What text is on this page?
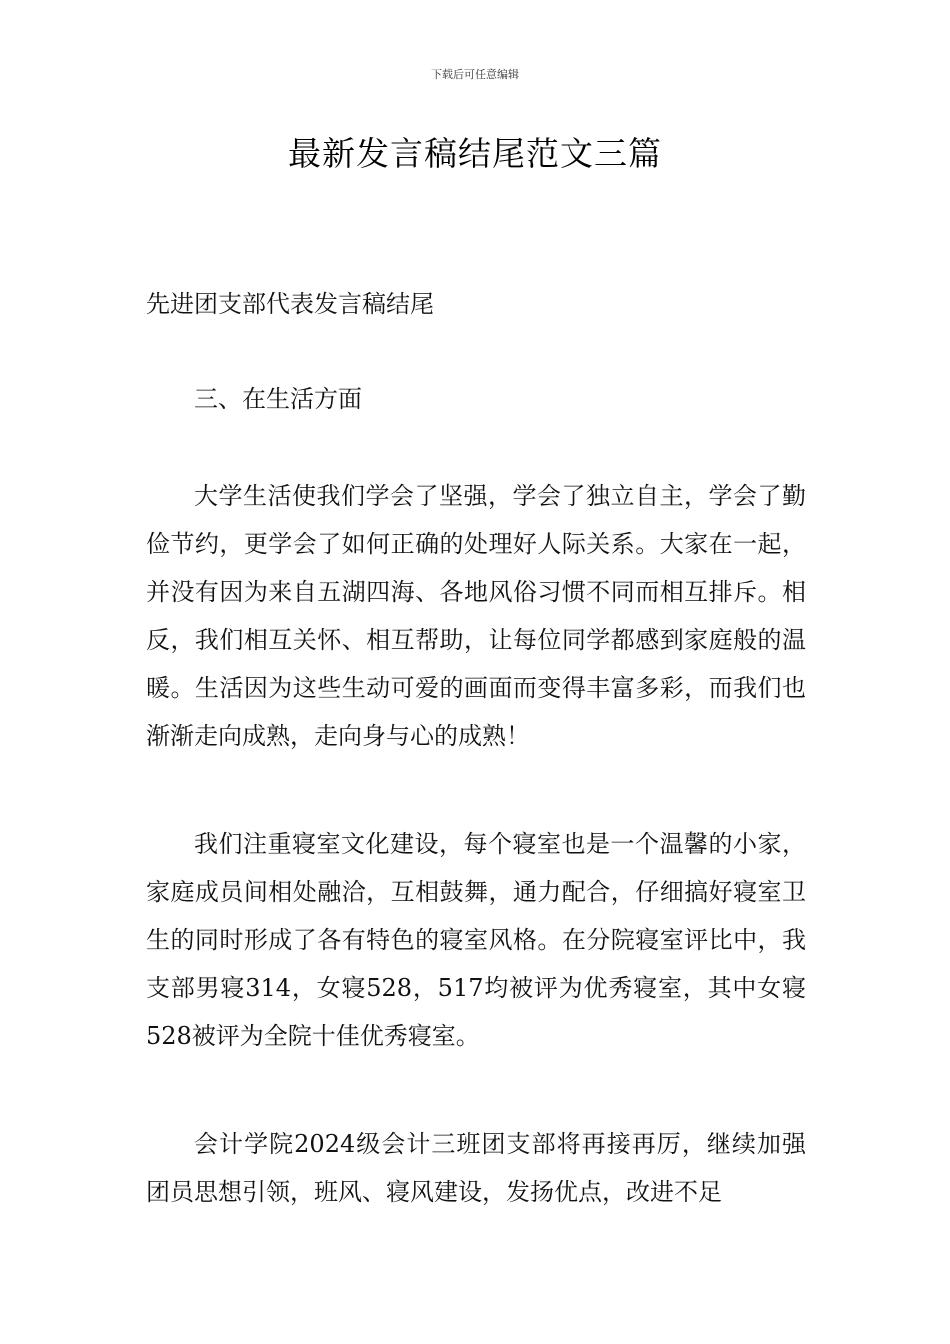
下载后可任意编辑
最新发言稿结尾范文三篇

先进团支部代表发言稿结尾

三、在生活方面

大学生活使我们学会了坚强，学会了独立自主，学会了勤俭节约，更学会了如何正确的处理好人际关系。大家在一起，并没有因为来自五湖四海、各地风俗习惯不同而相互排斥。相反，我们相互关怀、相互帮助，让每位同学都感到家庭般的温暖。生活因为这些生动可爱的画面而变得丰富多彩，而我们也渐渐走向成熟，走向身与心的成熟！

我们注重寝室文化建设，每个寝室也是一个温馨的小家，家庭成员间相处融洽，互相鼓舞，通力配合，仔细搞好寝室卫生的同时形成了各有特色的寝室风格。在分院寝室评比中，我支部男寝314，女寝528，517均被评为优秀寝室，其中女寝528被评为全院十佳优秀寝室。

会计学院2024级会计三班团支部将再接再厉，继续加强团员思想引领，班风、寝风建设，发扬优点，改进不足
